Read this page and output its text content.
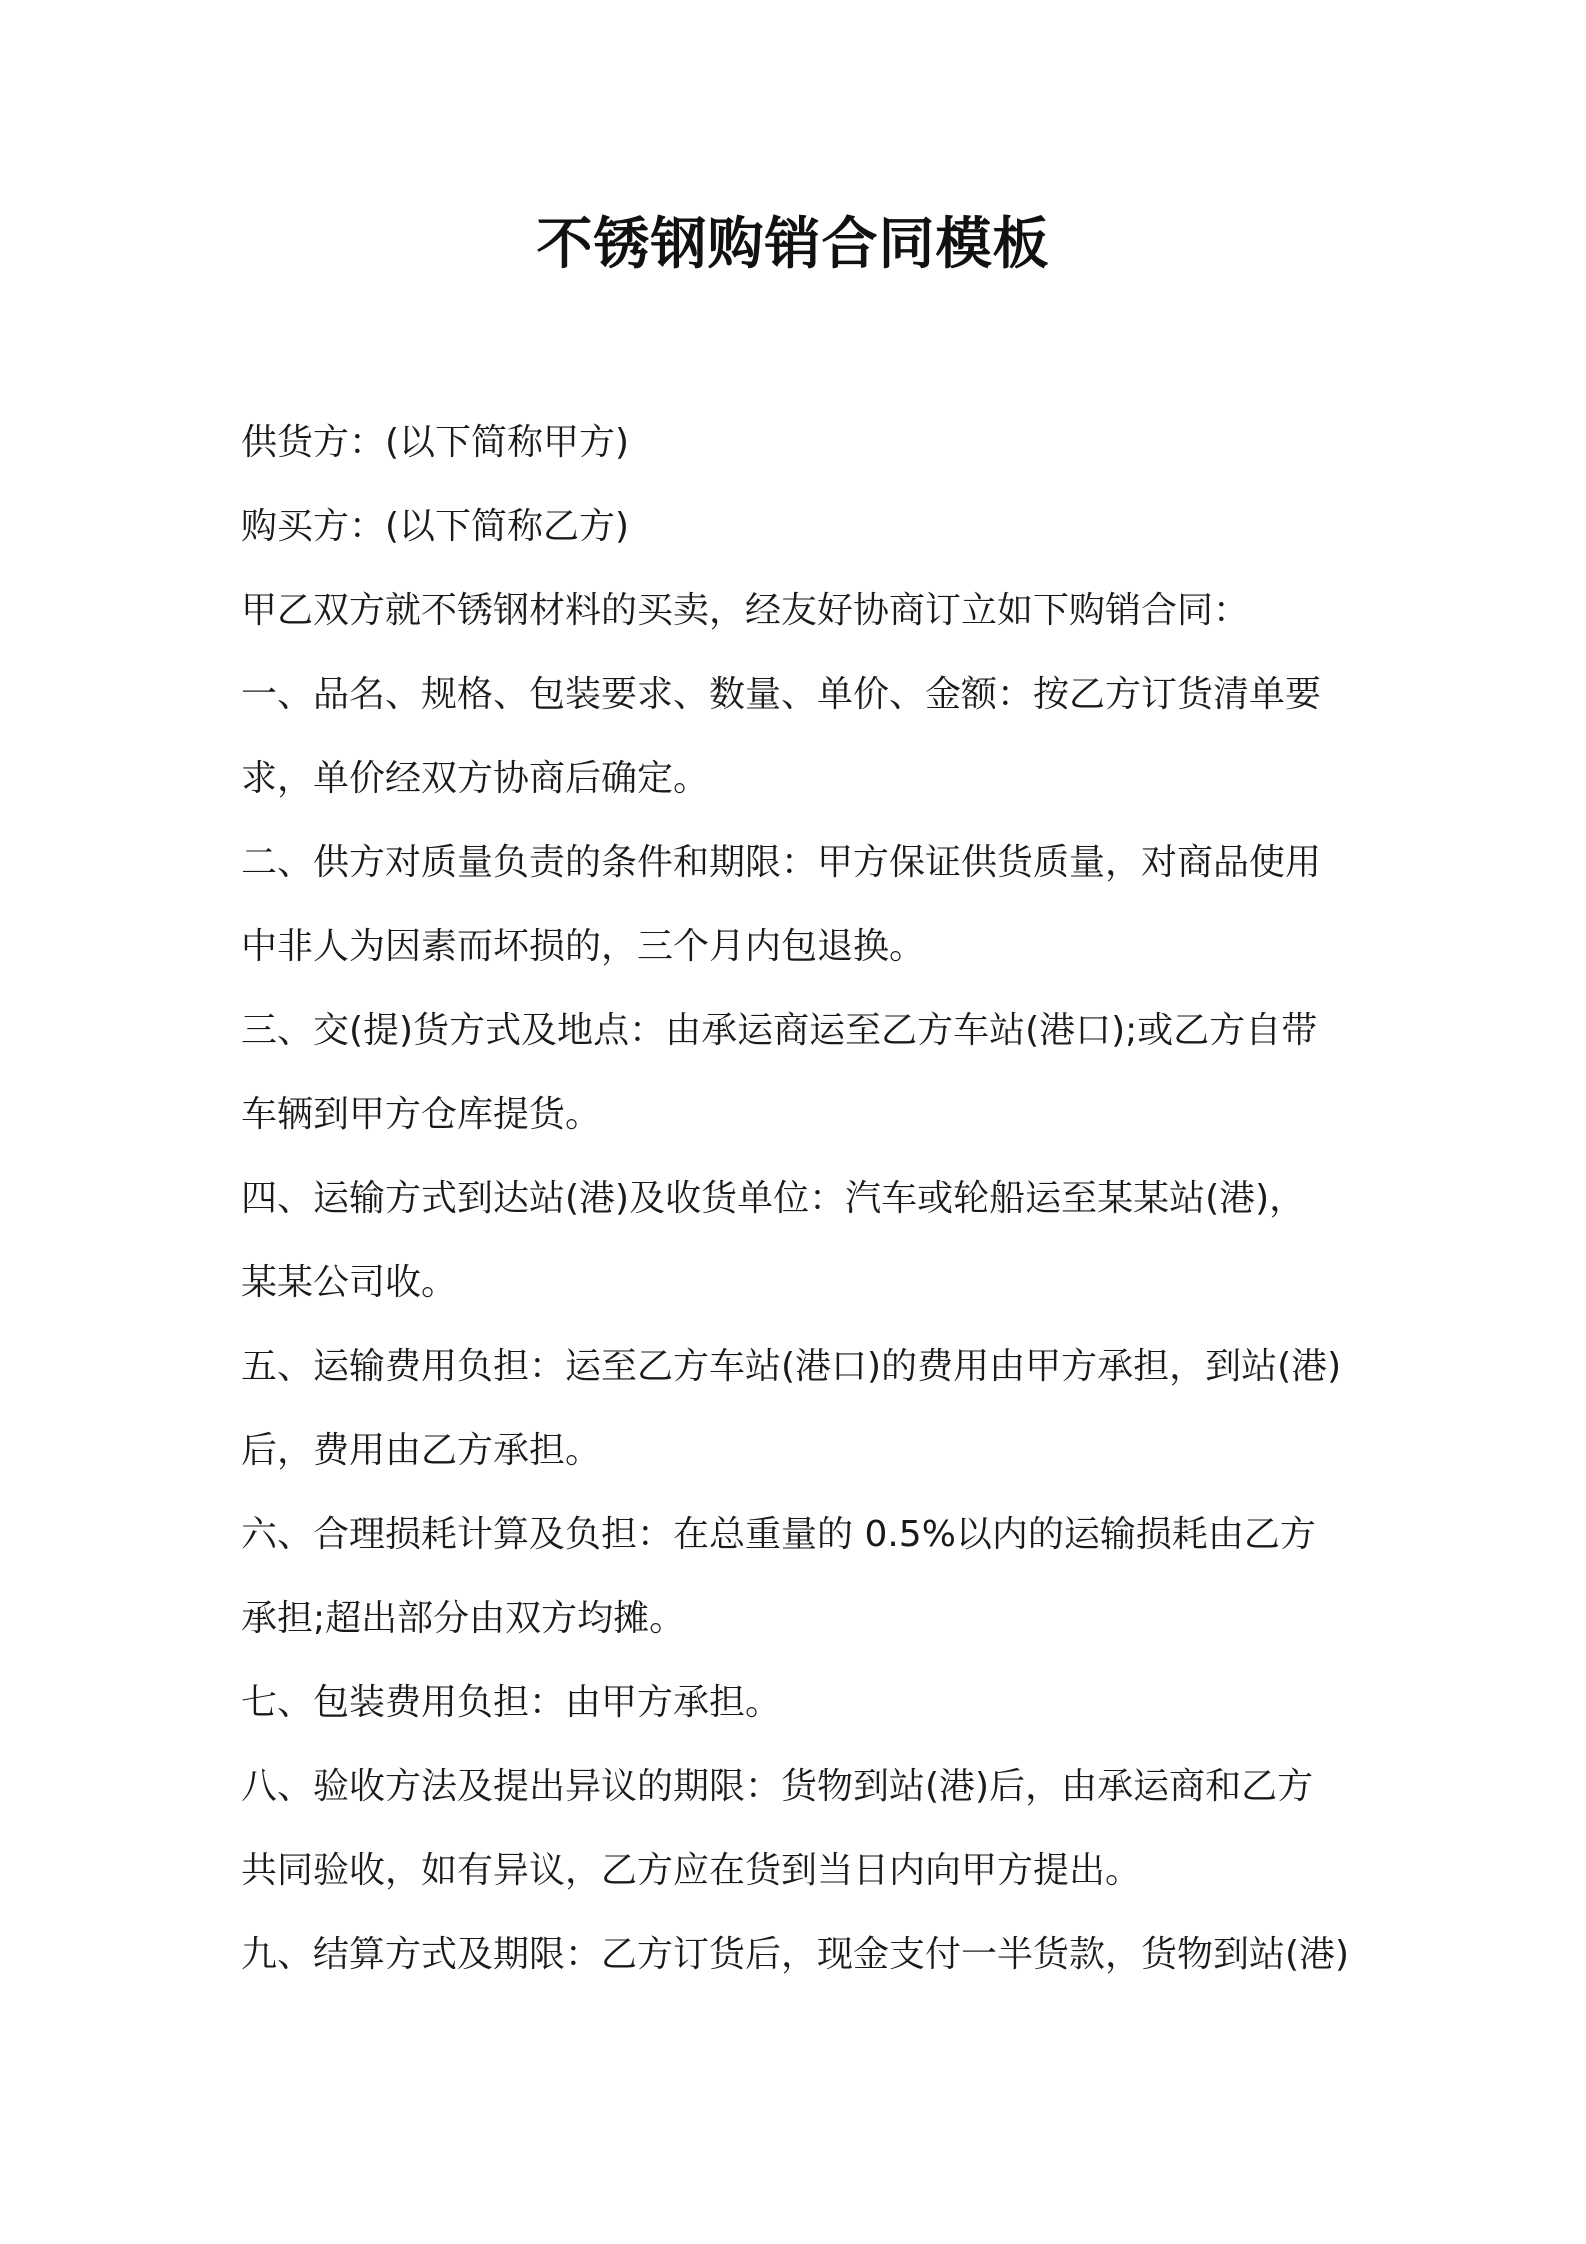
不锈钢购销合同模板

供货方：(以下简称甲方)

购买方：(以下简称乙方)

甲乙双方就不锈钢材料的买卖，经友好协商订立如下购销合同：

一、品名、规格、包装要求、数量、单价、金额：按乙方订货清单要

求，单价经双方协商后确定。

二、供方对质量负责的条件和期限：甲方保证供货质量，对商品使用

中非人为因素而坏损的，三个月内包退换。

三、交(提)货方式及地点：由承运商运至乙方车站(港口);或乙方自带

车辆到甲方仓库提货。

四、运输方式到达站(港)及收货单位：汽车或轮船运至某某站(港)，

某某公司收。

五、运输费用负担：运至乙方车站(港口)的费用由甲方承担，到站(港)

后，费用由乙方承担。

六、合理损耗计算及负担：在总重量的 0.5%以内的运输损耗由乙方

承担;超出部分由双方均摊。

七、包装费用负担：由甲方承担。

八、验收方法及提出异议的期限：货物到站(港)后，由承运商和乙方

共同验收，如有异议，乙方应在货到当日内向甲方提出。

九、结算方式及期限：乙方订货后，现金支付一半货款，货物到站(港)
